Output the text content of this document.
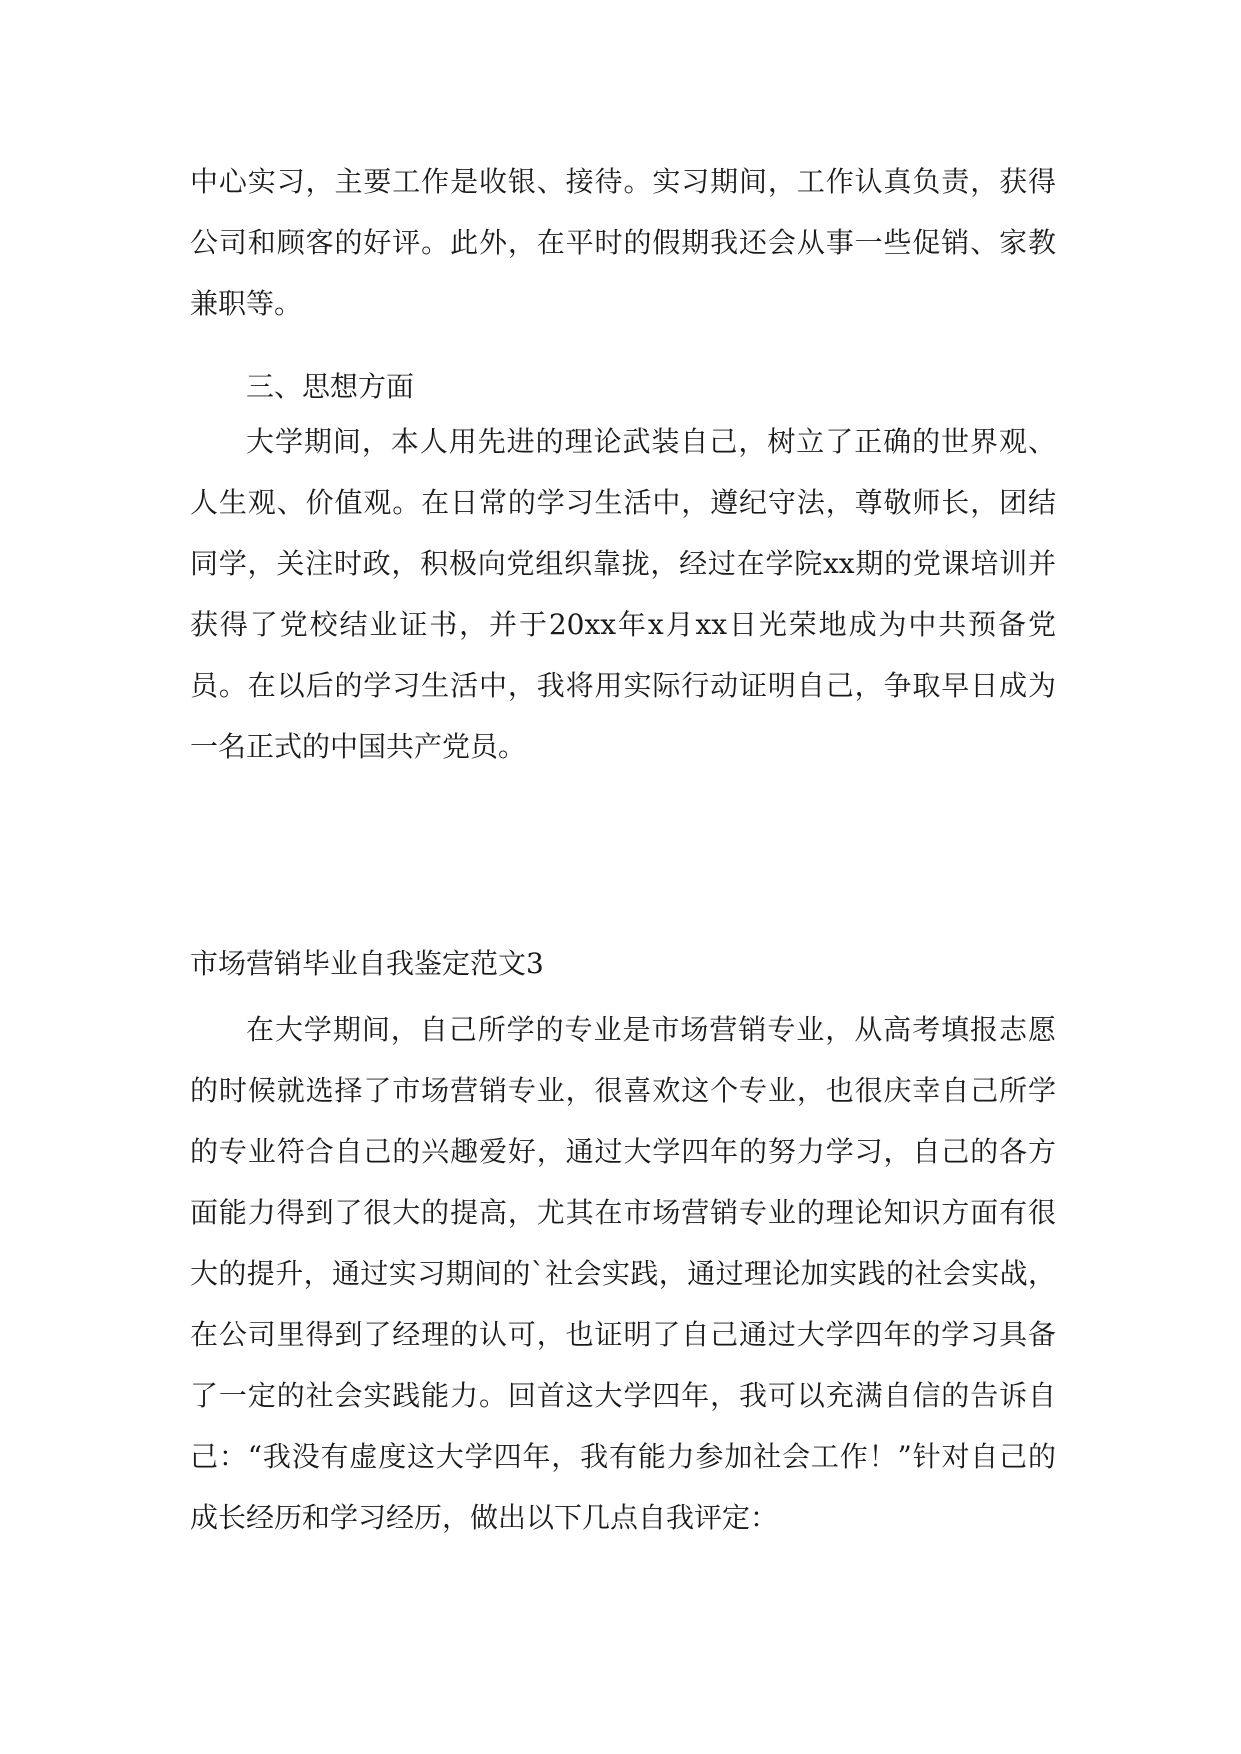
中心实习，主要工作是收银、接待。实习期间，工作认真负责，获得公司和顾客的好评。此外，在平时的假期我还会从事一些促销、家教兼职等。

三、思想方面

大学期间，本人用先进的理论武装自己，树立了正确的世界观、人生观、价值观。在日常的学习生活中，遵纪守法，尊敬师长，团结同学，关注时政，积极向党组织靠拢，经过在学院xx期的党课培训并获得了党校结业证书，并于20xx年x月xx日光荣地成为中共预备党员。在以后的学习生活中，我将用实际行动证明自己，争取早日成为一名正式的中国共产党员。

市场营销毕业自我鉴定范文3

在大学期间，自己所学的专业是市场营销专业，从高考填报志愿的时候就选择了市场营销专业，很喜欢这个专业，也很庆幸自己所学的专业符合自己的兴趣爱好，通过大学四年的努力学习，自己的各方面能力得到了很大的提高，尤其在市场营销专业的理论知识方面有很大的提升，通过实习期间的`社会实践，通过理论加实践的社会实战，在公司里得到了经理的认可，也证明了自己通过大学四年的学习具备了一定的社会实践能力。回首这大学四年，我可以充满自信的告诉自己：“我没有虚度这大学四年，我有能力参加社会工作！”针对自己的成长经历和学习经历，做出以下几点自我评定：
